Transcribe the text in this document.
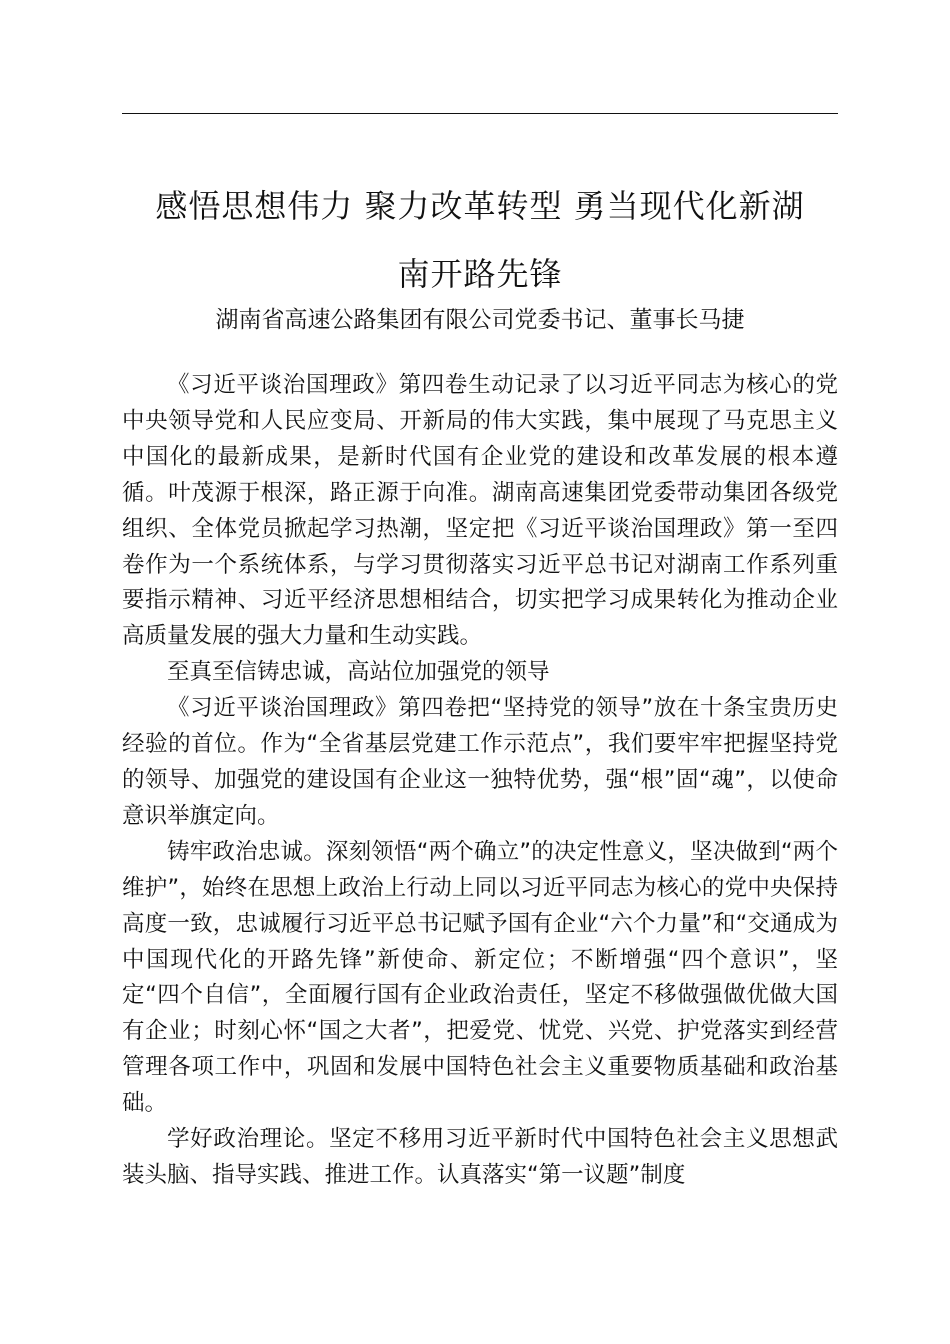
感悟思想伟力 聚力改革转型 勇当现代化新湖
南开路先锋

湖南省高速公路集团有限公司党委书记、董事长马捷

《习近平谈治国理政》第四卷生动记录了以习近平同志为核心的党中央领导党和人民应变局、开新局的伟大实践，集中展现了马克思主义中国化的最新成果，是新时代国有企业党的建设和改革发展的根本遵循。叶茂源于根深，路正源于向准。湖南高速集团党委带动集团各级党组织、全体党员掀起学习热潮，坚定把《习近平谈治国理政》第一至四卷作为一个系统体系，与学习贯彻落实习近平总书记对湖南工作系列重要指示精神、习近平经济思想相结合，切实把学习成果转化为推动企业高质量发展的强大力量和生动实践。

至真至信铸忠诚，高站位加强党的领导

《习近平谈治国理政》第四卷把“坚持党的领导”放在十条宝贵历史经验的首位。作为“全省基层党建工作示范点”，我们要牢牢把握坚持党的领导、加强党的建设国有企业这一独特优势，强“根”固“魂”，以使命意识举旗定向。

铸牢政治忠诚。深刻领悟“两个确立”的决定性意义，坚决做到“两个维护”，始终在思想上政治上行动上同以习近平同志为核心的党中央保持高度一致，忠诚履行习近平总书记赋予国有企业“六个力量”和“交通成为中国现代化的开路先锋”新使命、新定位；不断增强“四个意识”，坚定“四个自信”，全面履行国有企业政治责任，坚定不移做强做优做大国有企业；时刻心怀“国之大者”，把爱党、忧党、兴党、护党落实到经营管理各项工作中，巩固和发展中国特色社会主义重要物质基础和政治基础。

学好政治理论。坚定不移用习近平新时代中国特色社会主义思想武装头脑、指导实践、推进工作。认真落实“第一议题”制度
